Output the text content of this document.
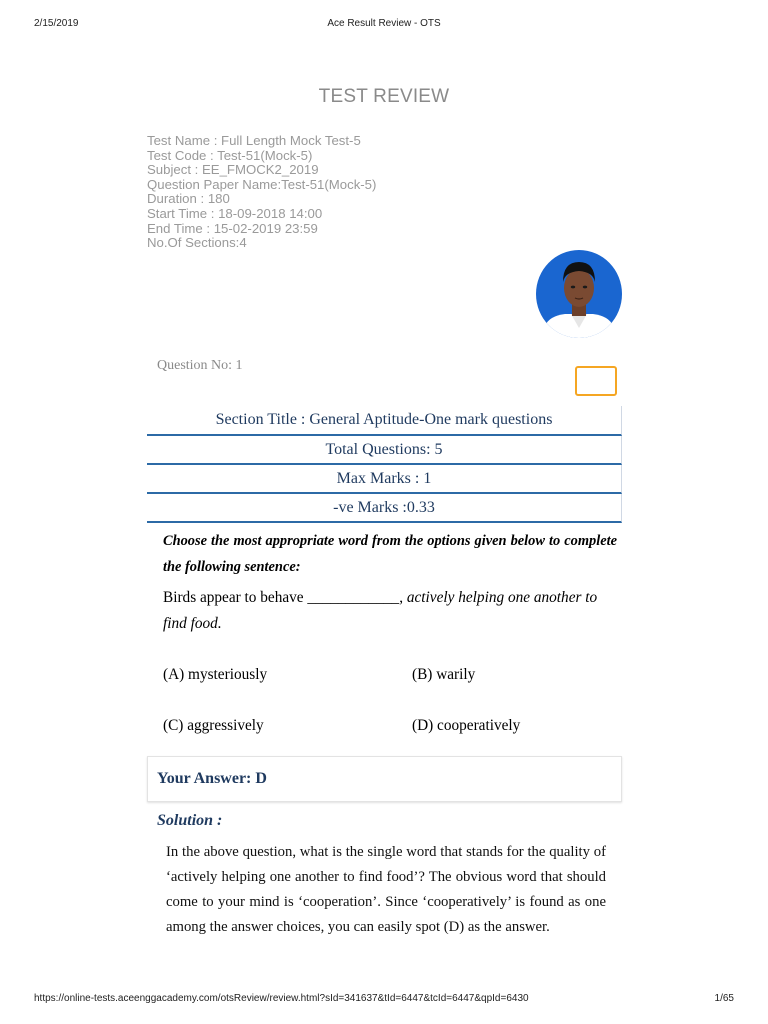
2/15/2019	Ace Result Review - OTS
TEST REVIEW
Test Name : Full Length Mock Test-5
Test Code : Test-51(Mock-5)
Subject : EE_FMOCK2_2019
Question Paper Name:Test-51(Mock-5)
Duration : 180
Start Time : 18-09-2018 14:00
End Time : 15-02-2019 23:59
No.Of Sections:4
Question No: 1
Section Title : General Aptitude-One mark questions
Total Questions: 5
Max Marks : 1
-ve Marks :0.33
Choose the most appropriate word from the options given below to complete the following sentence:
Birds appear to behave ____________, actively helping one another to find food.
(A) mysteriously	(B) warily
(C) aggressively	(D) cooperatively
Your Answer: D
Solution :
In the above question, what is the single word that stands for the quality of ‘actively helping one another to find food’? The obvious word that should come to your mind is ‘cooperation’. Since ‘cooperatively’ is found as one among the answer choices, you can easily spot (D) as the answer.
https://online-tests.aceenggacademy.com/otsReview/review.html?sId=341637&tId=6447&tcId=6447&qpId=6430	1/65
